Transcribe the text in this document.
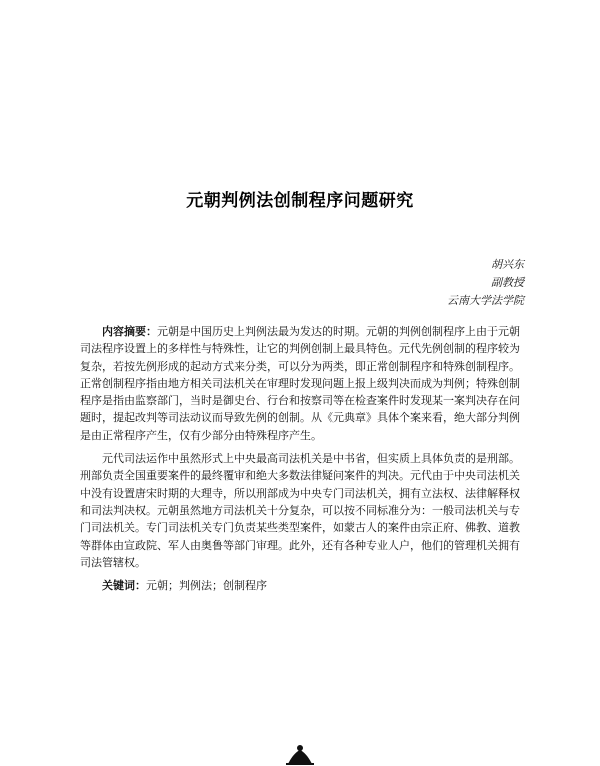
元朝判例法创制程序问题研究
胡兴东
副教授
云南大学法学院

内容摘要：元朝是中国历史上判例法最为发达的时期。元朝的判例创制程序上由于元朝司法程序设置上的多样性与特殊性，让它的判例创制上最具特色。元代先例创制的程序较为复杂，若按先例形成的起动方式来分类，可以分为两类，即正常创制程序和特殊创制程序。正常创制程序指由地方相关司法机关在审理时发现问题上报上级判决而成为判例；特殊创制程序是指由监察部门，当时是御史台、行台和按察司等在检查案件时发现某一案判决存在问题时，提起改判等司法动议而导致先例的创制。从《元典章》具体个案来看，绝大部分判例是由正常程序产生，仅有少部分由特殊程序产生。

元代司法运作中虽然形式上中央最高司法机关是中书省，但实质上具体负责的是刑部。刑部负责全国重要案件的最终覆审和绝大多数法律疑问案件的判决。元代由于中央司法机关中没有设置唐宋时期的大理寺，所以刑部成为中央专门司法机关，拥有立法权、法律解释权和司法判决权。元朝虽然地方司法机关十分复杂，可以按不同标准分为：一般司法机关与专门司法机关。专门司法机关专门负责某些类型案件，如蒙古人的案件由宗正府、佛教、道教等群体由宣政院、军人由奥鲁等部门审理。此外，还有各种专业人户，他们的管理机关拥有司法管辖权。

关键词：元朝；判例法；创制程序
